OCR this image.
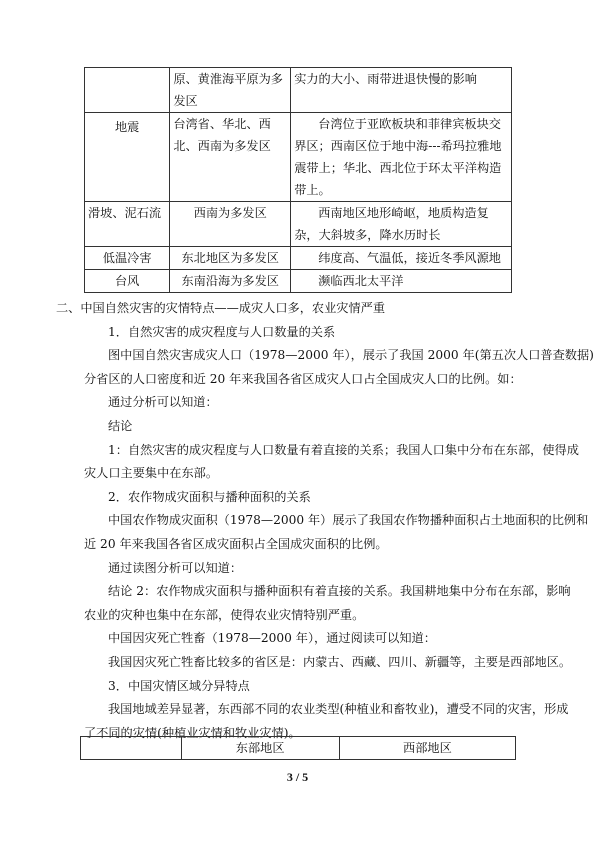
	原、黄淮海平原为多发区	实力的大小、雨带进退快慢的影响
地震	台湾省、华北、西北、西南为多发区	台湾位于亚欧板块和菲律宾板块交界区；西南区位于地中海---希玛拉雅地震带上；华北、西北位于环太平洋构造带上。
滑坡、泥石流	西南为多发区	西南地区地形崎岖，地质构造复杂，大斜坡多，降水历时长
低温冷害	东北地区为多发区	纬度高、气温低，接近冬季风源地
台风	东南沿海为多发区	濒临西北太平洋

二、中国自然灾害的灾情特点——成灾人口多，农业灾情严重

1．自然灾害的成灾程度与人口数量的关系

图中国自然灾害成灾人口（1978—2000 年），展示了我国 2000 年(第五次人口普查数据)

分省区的人口密度和近 20 年来我国各省区成灾人口占全国成灾人口的比例。如：

通过分析可以知道：

结论

1：自然灾害的成灾程度与人口数量有着直接的关系；我国人口集中分布在东部，使得成

灾人口主要集中在东部。

2．农作物成灾面积与播种面积的关系

中国农作物成灾面积（1978—2000 年）展示了我国农作物播种面积占土地面积的比例和

近 20 年来我国各省区成灾面积占全国成灾面积的比例。

通过读图分析可以知道：

结论 2：农作物成灾面积与播种面积有着直接的关系。我国耕地集中分布在东部，影响

农业的灾种也集中在东部，使得农业灾情特别严重。

中国因灾死亡牲畜（1978—2000 年），通过阅读可以知道：

我国因灾死亡牲畜比较多的省区是：内蒙古、西藏、四川、新疆等，主要是西部地区。

3．中国灾情区域分异特点

我国地域差异显著，东西部不同的农业类型(种植业和畜牧业)，遭受不同的灾害，形成

了不同的灾情(种植业灾情和牧业灾情)。

	东部地区	西部地区
3 / 5
